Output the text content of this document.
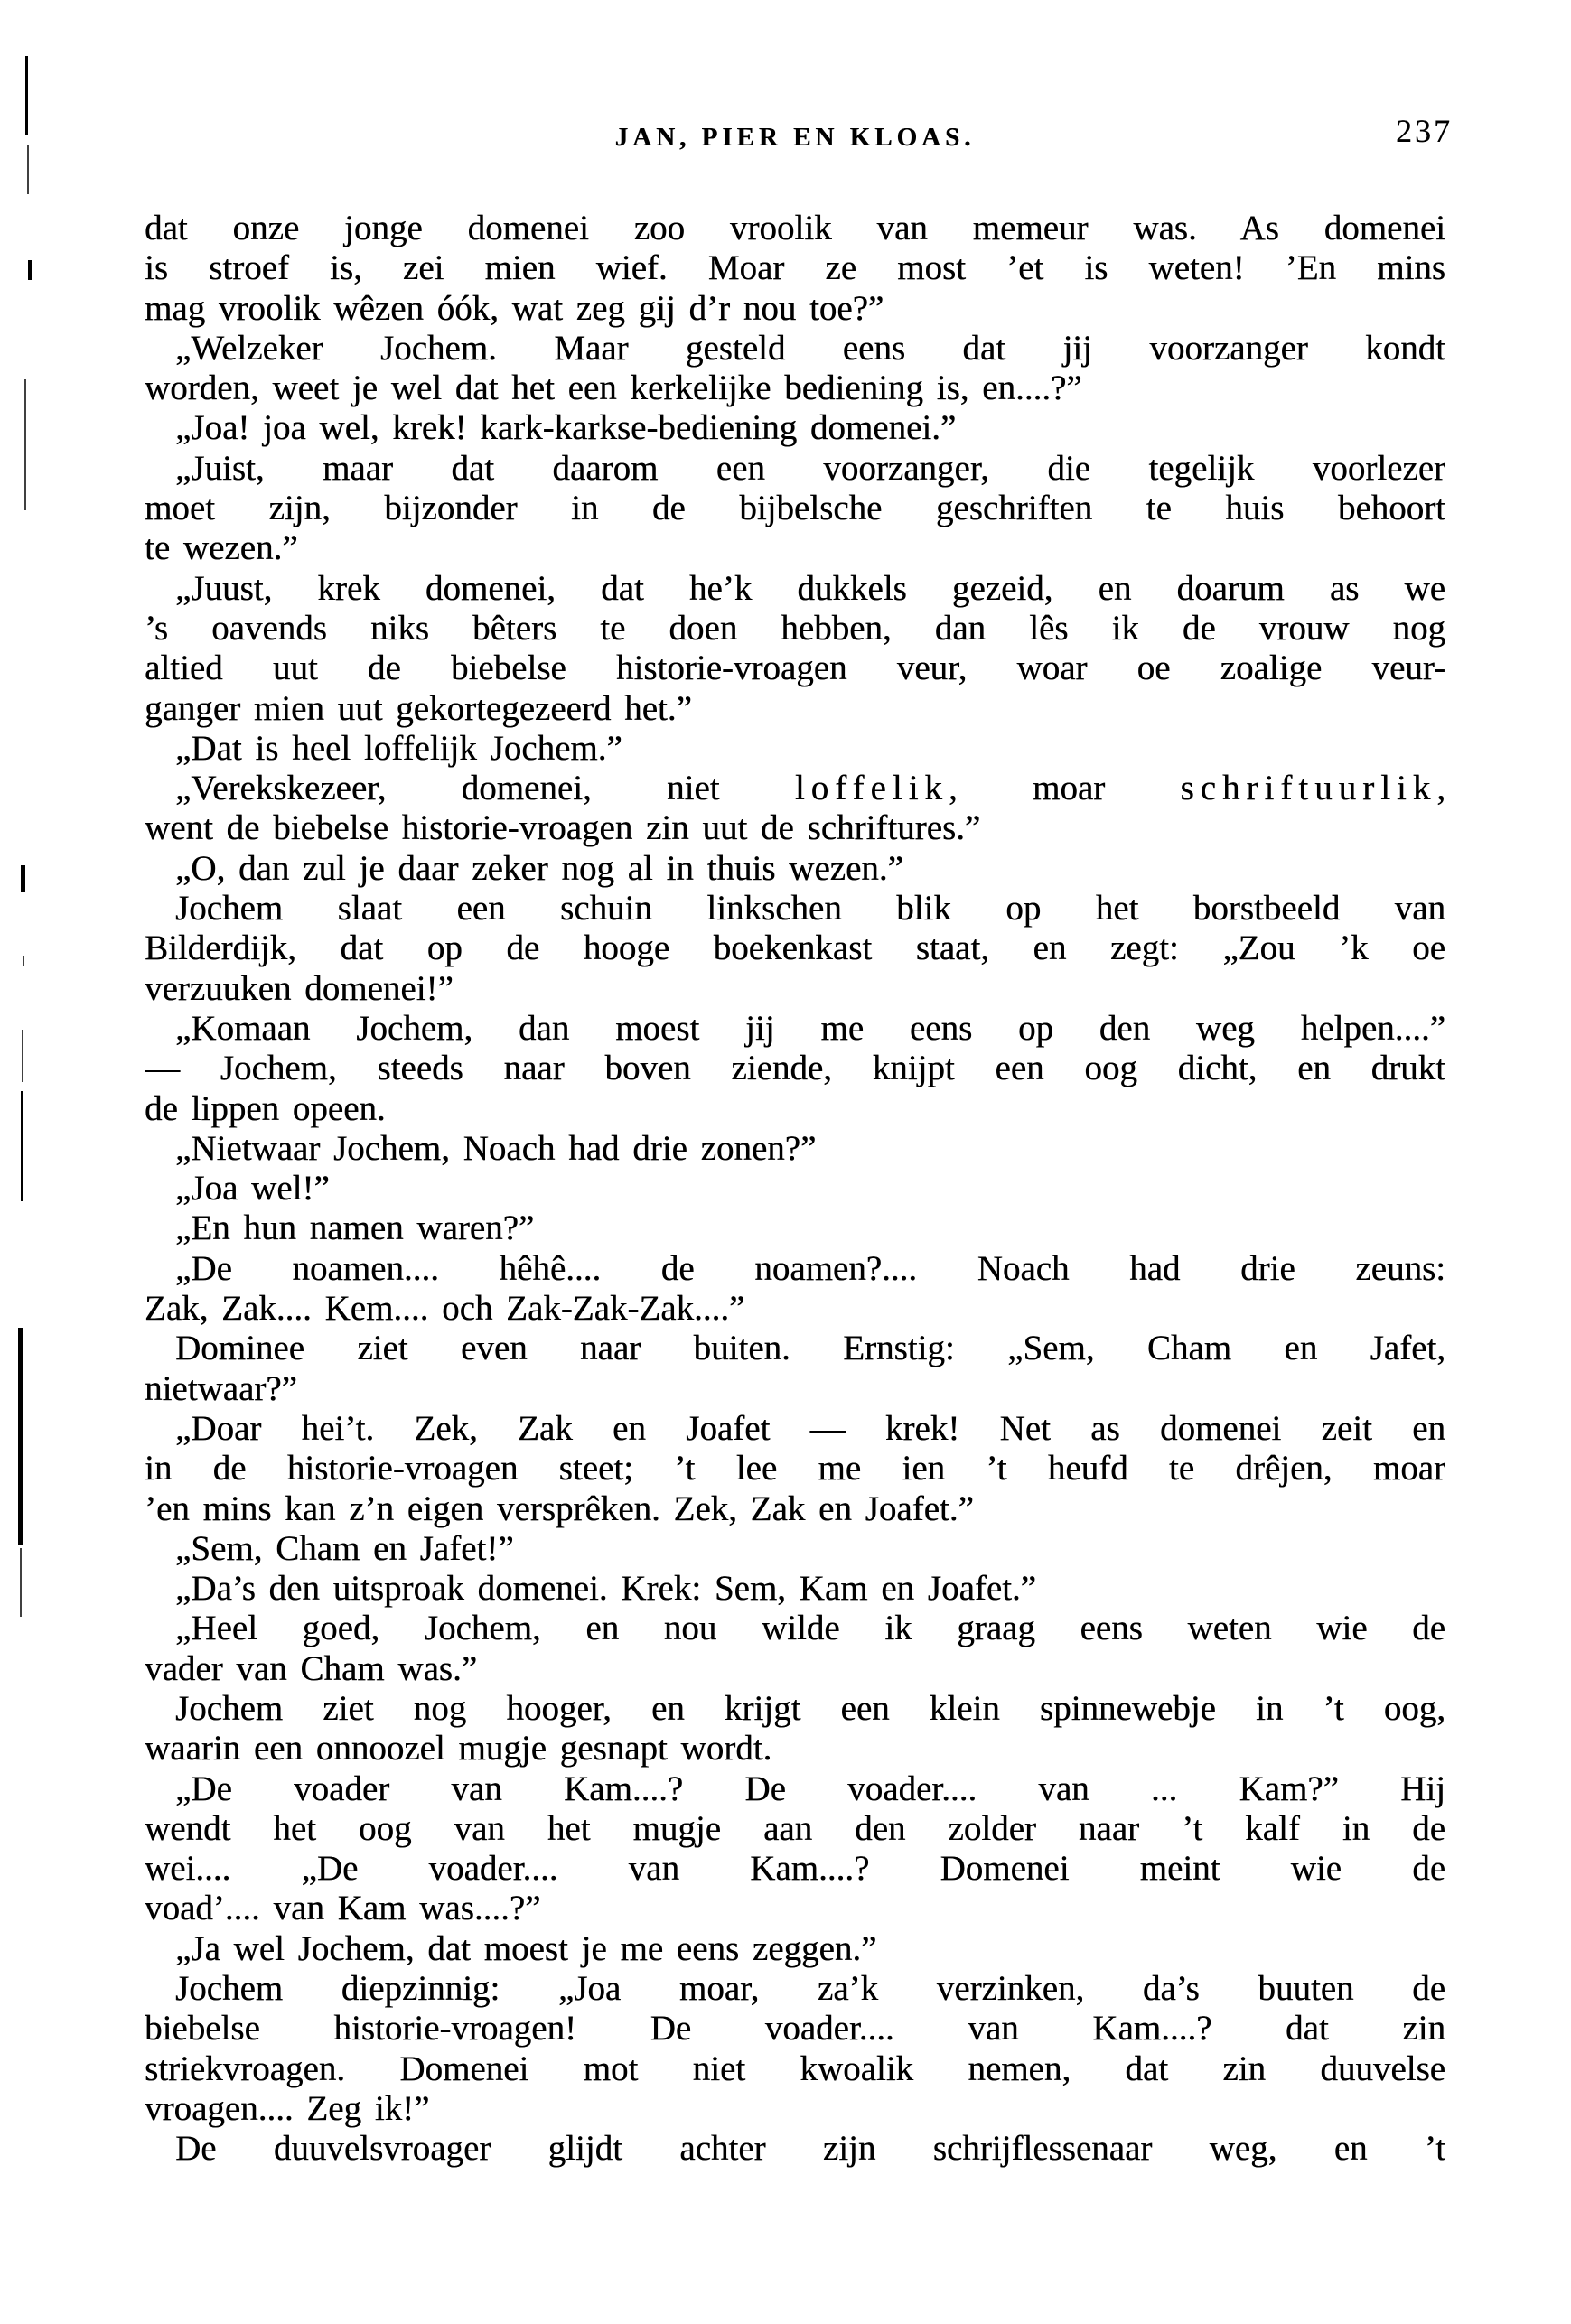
JAN, PIER EN KLOAS.	237
dat onze jonge domenei zoo vroolik van memeur was. As domenei
is stroef is, zei mien wief. Moar ze most ’et is weten! ’En mins
mag vroolik wêzen óók, wat zeg gij d’r nou toe?”
„Welzeker Jochem. Maar gesteld eens dat jij voorzanger kondt
worden, weet je wel dat het een kerkelijke bediening is, en....?”
„Joa! joa wel, krek! kark-karkse-bediening domenei.”
„Juist, maar dat daarom een voorzanger, die tegelijk voorlezer
moet zijn, bijzonder in de bijbelsche geschriften te huis behoort
te wezen.”
„Juust, krek domenei, dat he’k dukkels gezeid, en doarum as we
’s oavends niks bêters te doen hebben, dan lês ik de vrouw nog
altied uut de biebelse historie-vroagen veur, woar oe zoalige veur-
ganger mien uut gekortegezeerd het.”
„Dat is heel loffelijk Jochem.”
„Verekskezeer, domenei, niet loffelik, moar schriftuurlik,
went de biebelse historie-vroagen zin uut de schriftures.”
„O, dan zul je daar zeker nog al in thuis wezen.”
Jochem slaat een schuin linkschen blik op het borstbeeld van
Bilderdijk, dat op de hooge boekenkast staat, en zegt: „Zou ’k oe
verzuuken domenei!”
„Komaan Jochem, dan moest jij me eens op den weg helpen....”
— Jochem, steeds naar boven ziende, knijpt een oog dicht, en drukt
de lippen opeen.
„Nietwaar Jochem, Noach had drie zonen?”
„Joa wel!”
„En hun namen waren?”
„De noamen.... hêhê.... de noamen?.... Noach had drie zeuns:
Zak, Zak.... Kem.... och Zak-Zak-Zak....”
Dominee ziet even naar buiten. Ernstig: „Sem, Cham en Jafet,
nietwaar?”
„Doar hei’t. Zek, Zak en Joafet — krek! Net as domenei zeit en
in de historie-vroagen steet; ’t lee me ien ’t heufd te drêjen, moar
’en mins kan z’n eigen versprêken. Zek, Zak en Joafet.”
„Sem, Cham en Jafet!”
„Da’s den uitsproak domenei. Krek: Sem, Kam en Joafet.”
„Heel goed, Jochem, en nou wilde ik graag eens weten wie de
vader van Cham was.”
Jochem ziet nog hooger, en krijgt een klein spinnewebje in ’t oog,
waarin een onnoozel mugje gesnapt wordt.
„De voader van Kam....? De voader.... van ... Kam?” Hij
wendt het oog van het mugje aan den zolder naar ’t kalf in de
wei.... „De voader.... van Kam....? Domenei meint wie de
voad’.... van Kam was....?”
„Ja wel Jochem, dat moest je me eens zeggen.”
Jochem diepzinnig: „Joa moar, za’k verzinken, da’s buuten de
biebelse historie-vroagen! De voader.... van Kam....? dat zin
striekvroagen. Domenei mot niet kwoalik nemen, dat zin duuvelse
vroagen.... Zeg ik!”
De duuvelsvroager glijdt achter zijn schrijflessenaar weg, en ’t
